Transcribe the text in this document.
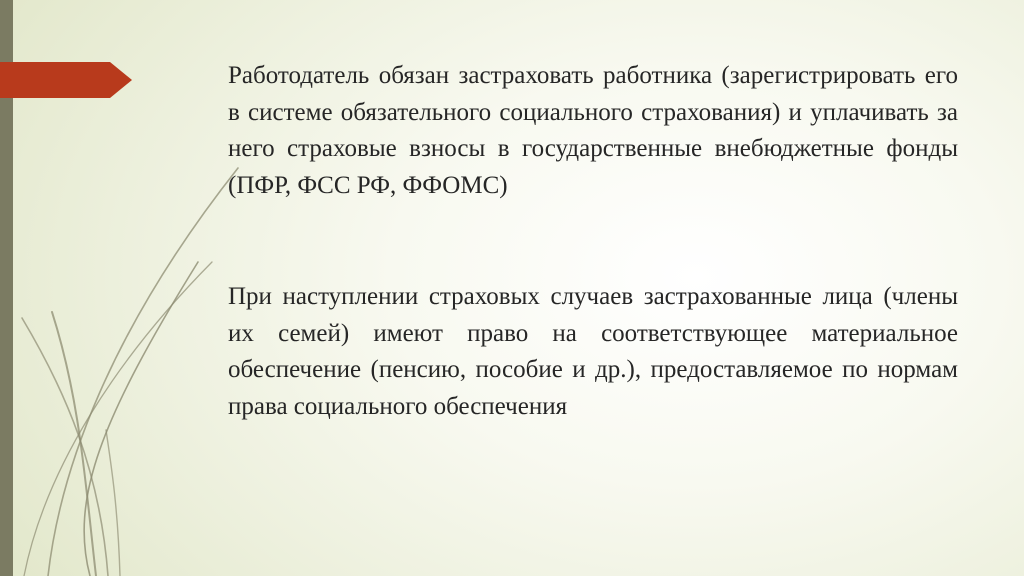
Работодатель обязан застраховать работника (зарегистрировать его в системе обязательного социального страхования) и уплачивать за него страховые взносы в государственные внебюджетные фонды (ПФР, ФСС РФ, ФФОМС)

При наступлении страховых случаев застрахованные лица (члены их семей) имеют право на соответствующее материальное обеспечение (пенсию, пособие и др.), предоставляемое по нормам права социального обеспечения
